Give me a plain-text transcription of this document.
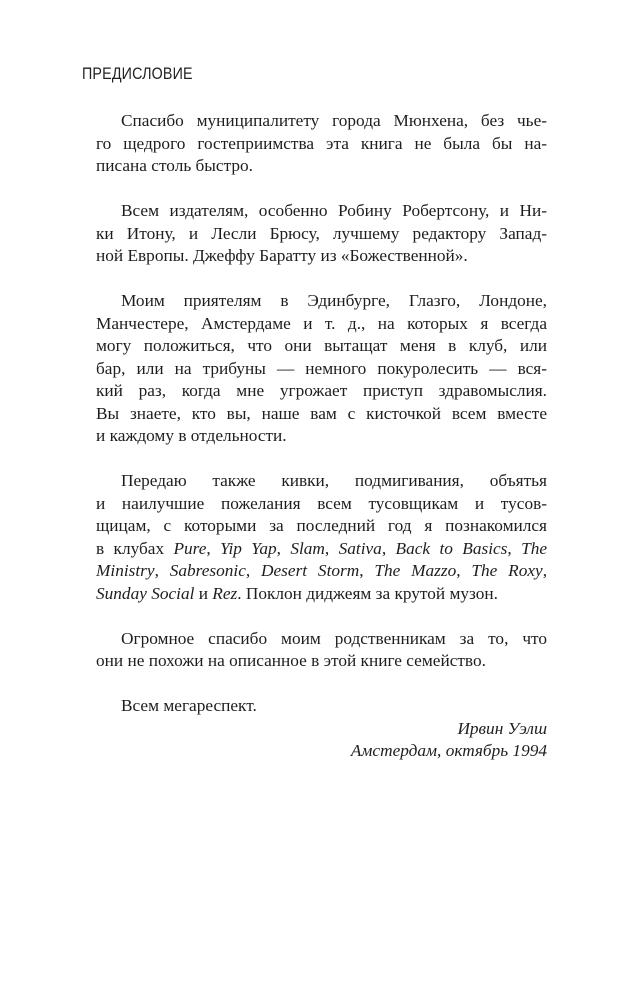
ПРЕДИСЛОВИЕ

Спасибо муниципалитету города Мюнхена, без чье-
го щедрого гостеприимства эта книга не была бы на-
писана столь быстро.

Всем издателям, особенно Робину Робертсону, и Ни-
ки Итону, и Лесли Брюсу, лучшему редактору Запад-
ной Европы. Джеффу Баратту из «Божественной».

Моим приятелям в Эдинбурге, Глазго, Лондоне,
Манчестере, Амстердаме и т. д., на которых я всегда
могу положиться, что они вытащат меня в клуб, или
бар, или на трибуны — немного покуролесить — вся-
кий раз, когда мне угрожает приступ здравомыслия.
Вы знаете, кто вы, наше вам с кисточкой всем вместе
и каждому в отдельности.

Передаю также кивки, подмигивания, объятья
и наилучшие пожелания всем тусовщикам и тусов-
щицам, с которыми за последний год я познакомился
в клубах Pure, Yip Yap, Slam, Sativa, Back to Basics, The
Ministry, Sabresonic, Desert Storm, The Mazzo, The Roxy,
Sunday Social и Rez. Поклон диджеям за крутой музон.

Огромное спасибо моим родственникам за то, что
они не похожи на описанное в этой книге семейство.

Всем мегареспект.

Ирвин Уэлш
Амстердам, октябрь 1994
